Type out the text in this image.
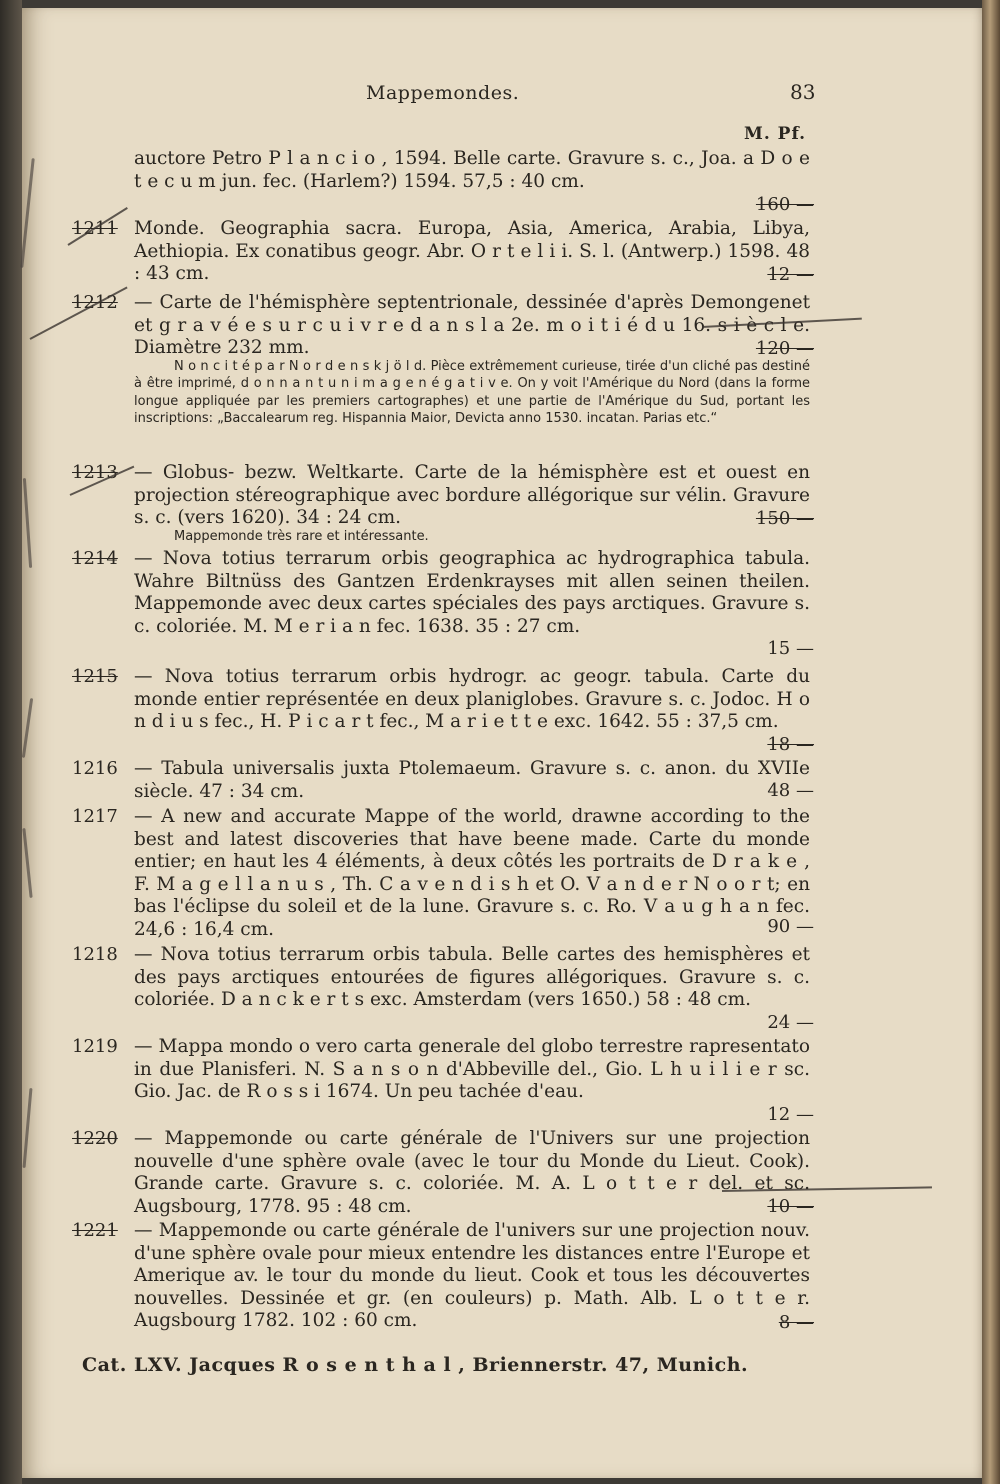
Mappemondes.	83
M. Pf.
auctore Petro P l a n c i o , 1594. Belle carte. Gravure s. c., Joa. a D o e t e c u m jun. fec. (Harlem?) 1594. 57,5 : 40 cm.
160 —
1211 Monde. Geographia sacra. Europa, Asia, America, Arabia, Libya, Aethiopia. Ex conatibus geogr. Abr. O r t e l i i. S. l. (Antwerp.) 1598. 48 : 43 cm.	12 —
1212 — Carte de l'hémisphère septentrionale, dessinée d'après Demongenet et g r a v é e s u r c u i v r e d a n s l a 2e. m o i t i é d u 16. s i è c l e. Diamètre 232 mm.	120 —
N o n c i t é p a r N o r d e n s k j ö l d. Pièce extrêmement curieuse, tirée d'un cliché pas destiné à être imprimé, d o n n a n t u n i m a g e n é g a t i v e. On y voit l'Amérique du Nord (dans la forme longue appliquée par les premiers cartographes) et une partie de l'Amérique du Sud, portant les inscriptions: „Baccalearum reg. Hispannia Maior, Devicta anno 1530. incatan. Parias etc.“
1213 — Globus- bezw. Weltkarte. Carte de la hémisphère est et ouest en projection stéreographique avec bordure allégorique sur vélin. Gravure s. c. (vers 1620). 34 : 24 cm.	150 —
Mappemonde très rare et intéressante.
1214 — Nova totius terrarum orbis geographica ac hydrographica tabula. Wahre Biltnüss des Gantzen Erdenkrayses mit allen seinen theilen. Mappemonde avec deux cartes spéciales des pays arctiques. Gravure s. c. coloriée. M. M e r i a n fec. 1638. 35 : 27 cm.
15 —
1215 — Nova totius terrarum orbis hydrogr. ac geogr. tabula. Carte du monde entier représentée en deux planiglobes. Gravure s. c. Jodoc. H o n d i u s fec., H. P i c a r t fec., M a r i e t t e exc. 1642. 55 : 37,5 cm.
18 —
1216 — Tabula universalis juxta Ptolemaeum. Gravure s. c. anon. du XVIIe siècle. 47 : 34 cm.	48 —
1217 — A new and accurate Mappe of the world, drawne according to the best and latest discoveries that have beene made. Carte du monde entier; en haut les 4 éléments, à deux côtés les portraits de D r a k e , F. M a g e l l a n u s , Th. C a v e n d i s h et O. V a n d e r N o o r t; en bas l'éclipse du soleil et de la lune. Gravure s. c. Ro. V a u g h a n fec. 24,6 : 16,4 cm.	90 —
1218 — Nova totius terrarum orbis tabula. Belle cartes des hemisphères et des pays arctiques entourées de figures allégoriques. Gravure s. c. coloriée. D a n c k e r t s exc. Amsterdam (vers 1650.) 58 : 48 cm.
24 —
1219 — Mappa mondo o vero carta generale del globo terrestre rapresentato in due Planisferi. N. S a n s o n d'Abbeville del., Gio. L h u i l i e r sc. Gio. Jac. de R o s s i 1674. Un peu tachée d'eau.
12 —
1220 — Mappemonde ou carte générale de l'Univers sur une projection nouvelle d'une sphère ovale (avec le tour du Monde du Lieut. Cook). Grande carte. Gravure s. c. coloriée. M. A. L o t t e r del. et sc. Augsbourg, 1778. 95 : 48 cm.	10 —
1221 — Mappemonde ou carte générale de l'univers sur une projection nouv. d'une sphère ovale pour mieux entendre les distances entre l'Europe et Amerique av. le tour du monde du lieut. Cook et tous les découvertes nouvelles. Dessinée et gr. (en couleurs) p. Math. Alb. L o t t e r. Augsbourg 1782. 102 : 60 cm.	8 —
Cat. LXV. Jacques R o s e n t h a l , Briennerstr. 47, Munich.
